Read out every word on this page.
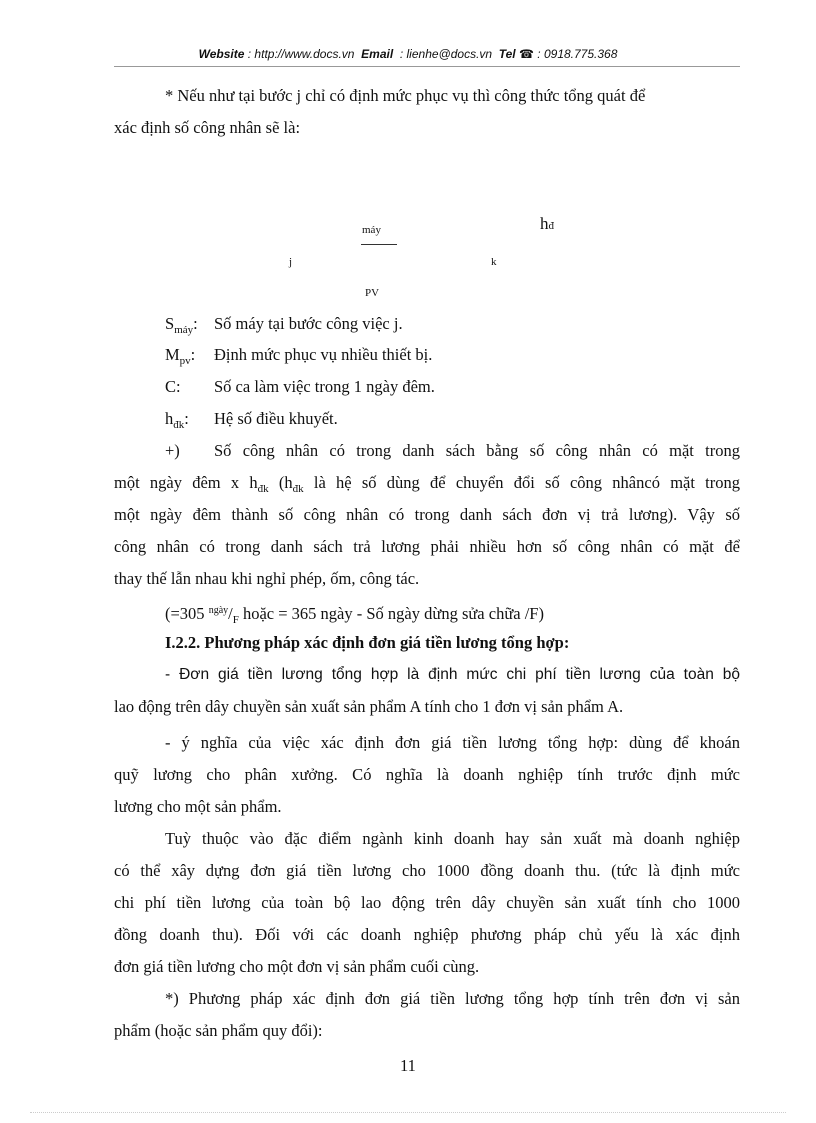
Website : http://www.docs.vn Email : lienhe@docs.vn Tel ☎ : 0918.775.368
* Nếu như tại bước j chỉ có định mức phục vụ thì công thức tổng quát để
xác định số công nhân sẽ là:
máy	hđ
j	k
PV
$S_{máy}$: Số máy tại bước công việc j.
$M_{pv}$: Định mức phục vụ nhiều thiết bị.
C: Số ca làm việc trong 1 ngày đêm.
$h_{đk}$: Hệ số điều khuyết.
+) Số công nhân có trong danh sách bằng số công nhân có mặt trong
một ngày đêm x $h_{đk}$ ($h_{đk}$ là hệ số dùng để chuyển đổi số công nhâncó mặt trong
một ngày đêm thành số công nhân có trong danh sách đơn vị trả lương). Vậy số
công nhân có trong danh sách trả lương phải nhiều hơn số công nhân có mặt để
thay thế lẫn nhau khi nghỉ phép, ốm, công tác.
(=305 $^{ngày}/_F$ hoặc = 365 ngày - Số ngày dừng sửa chữa /F)
I.2.2. Phương pháp xác định đơn giá tiền lương tổng hợp:
- Đơn giá tiền lương tổng hợp là định mức chi phí tiền lương của toàn bộ
lao động trên dây chuyền sản xuất sản phẩm A tính cho 1 đơn vị sản phẩm A.
- ý nghĩa của việc xác định đơn giá tiền lương tổng hợp: dùng để khoán
quỹ lương cho phân xưởng. Có nghĩa là doanh nghiệp tính trước định mức
lương cho một sản phẩm.
Tuỳ thuộc vào đặc điểm ngành kinh doanh hay sản xuất mà doanh nghiệp
có thể xây dựng đơn giá tiền lương cho 1000 đồng doanh thu. (tức là định mức
chi phí tiền lương của toàn bộ lao động trên dây chuyền sản xuất tính cho 1000
đồng doanh thu). Đối với các doanh nghiệp phương pháp chủ yếu là xác định
đơn giá tiền lương cho một đơn vị sản phẩm cuối cùng.
*) Phương pháp xác định đơn giá tiền lương tổng hợp tính trên đơn vị sản
phẩm (hoặc sản phẩm quy đổi):
11
